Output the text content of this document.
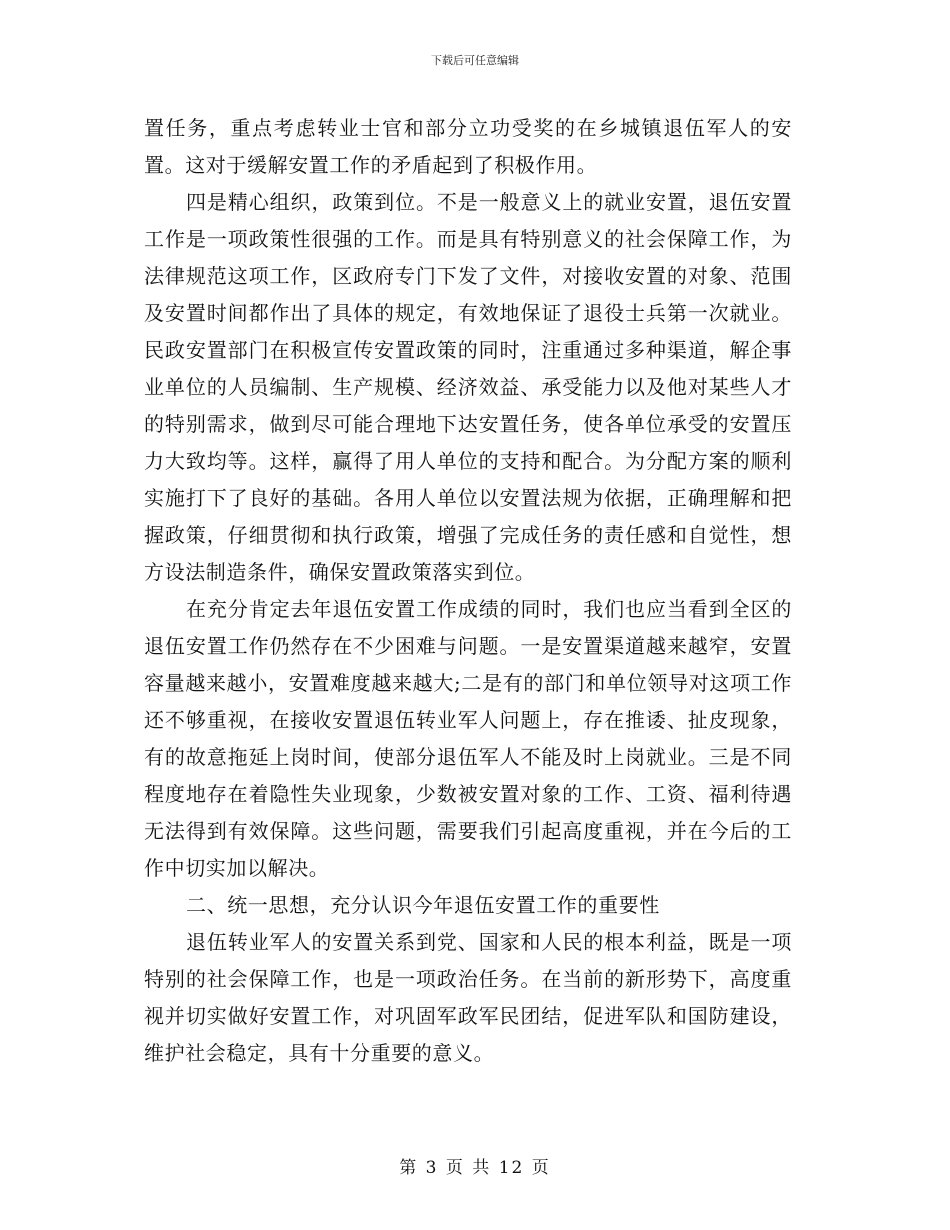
下载后可任意编辑

置任务，重点考虑转业士官和部分立功受奖的在乡城镇退伍军人的安置。这对于缓解安置工作的矛盾起到了积极作用。

四是精心组织，政策到位。不是一般意义上的就业安置，退伍安置工作是一项政策性很强的工作。而是具有特别意义的社会保障工作，为法律规范这项工作，区政府专门下发了文件，对接收安置的对象、范围及安置时间都作出了具体的规定，有效地保证了退役士兵第一次就业。民政安置部门在积极宣传安置政策的同时，注重通过多种渠道，解企事业单位的人员编制、生产规模、经济效益、承受能力以及他对某些人才的特别需求，做到尽可能合理地下达安置任务，使各单位承受的安置压力大致均等。这样，赢得了用人单位的支持和配合。为分配方案的顺利实施打下了良好的基础。各用人单位以安置法规为依据，正确理解和把握政策，仔细贯彻和执行政策，增强了完成任务的责任感和自觉性，想方设法制造条件，确保安置政策落实到位。

在充分肯定去年退伍安置工作成绩的同时，我们也应当看到全区的退伍安置工作仍然存在不少困难与问题。一是安置渠道越来越窄，安置容量越来越小，安置难度越来越大;二是有的部门和单位领导对这项工作还不够重视，在接收安置退伍转业军人问题上，存在推诿、扯皮现象，有的故意拖延上岗时间，使部分退伍军人不能及时上岗就业。三是不同程度地存在着隐性失业现象，少数被安置对象的工作、工资、福利待遇无法得到有效保障。这些问题，需要我们引起高度重视，并在今后的工作中切实加以解决。

二、统一思想，充分认识今年退伍安置工作的重要性

退伍转业军人的安置关系到党、国家和人民的根本利益，既是一项特别的社会保障工作，也是一项政治任务。在当前的新形势下，高度重视并切实做好安置工作，对巩固军政军民团结，促进军队和国防建设，维护社会稳定，具有十分重要的意义。

第 3 页 共 12 页
